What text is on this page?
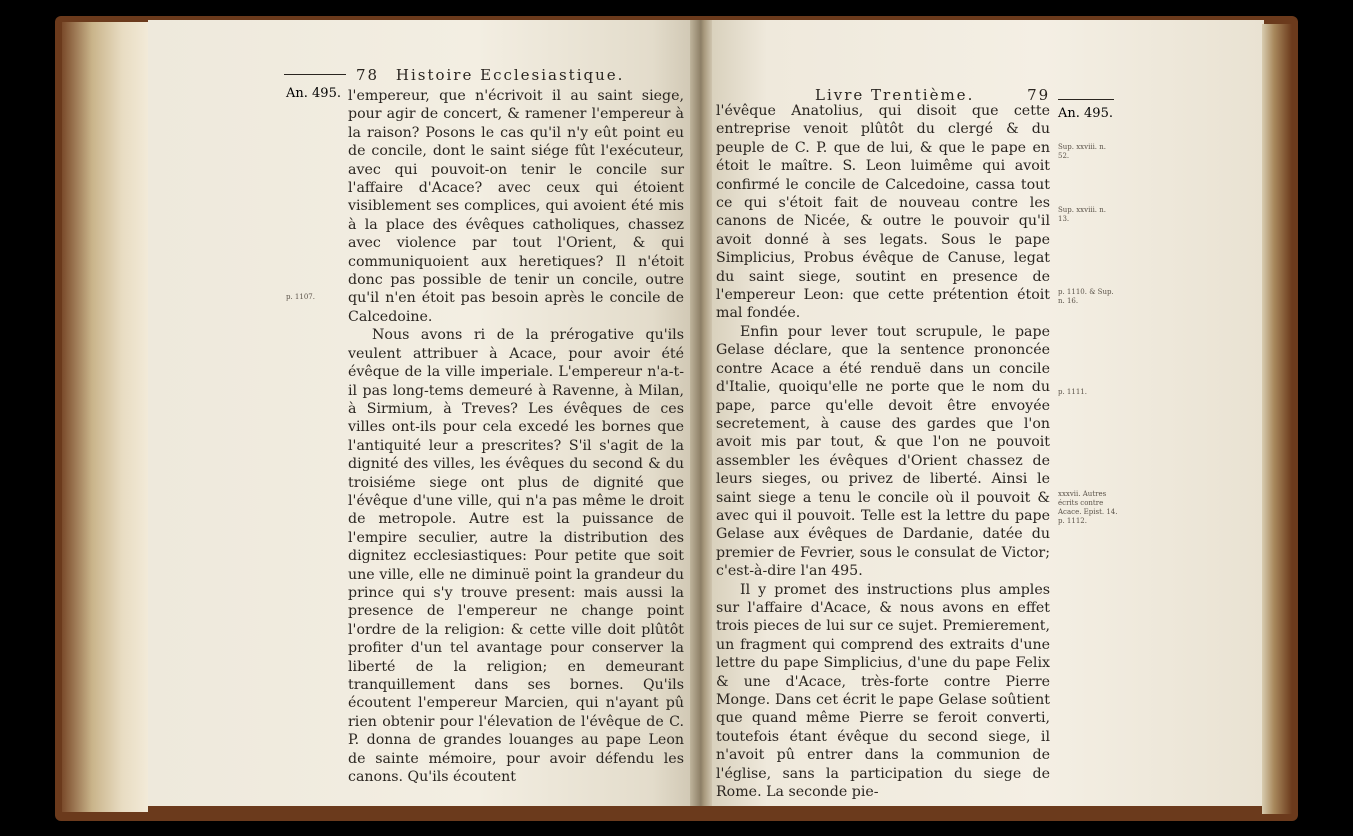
78 Histoire Ecclesiastique.
An. 495.
p. 1107.

l'empereur, que n'écrivoit il au saint siege, pour agir de concert, & ramener l'empereur à la raison? Posons le cas qu'il n'y eût point eu de concile, dont le saint siége fût l'exécuteur, avec qui pouvoit-on tenir le concile sur l'affaire d'Acace? avec ceux qui étoient visiblement ses complices, qui avoient été mis à la place des évêques catholiques, chassez avec violence par tout l'Orient, & qui communiquoient aux heretiques? Il n'étoit donc pas possible de tenir un concile, outre qu'il n'en étoit pas besoin après le concile de Calcedoine.

Nous avons ri de la prérogative qu'ils veulent attribuer à Acace, pour avoir été évêque de la ville imperiale. L'empereur n'a-t-il pas long-tems demeuré à Ravenne, à Milan, à Sirmium, à Treves? Les évêques de ces villes ont-ils pour cela excedé les bornes que l'antiquité leur a prescrites? S'il s'agit de la dignité des villes, les évêques du second & du troisiéme siege ont plus de dignité que l'évêque d'une ville, qui n'a pas même le droit de metropole. Autre est la puissance de l'empire seculier, autre la distribution des dignitez ecclesiastiques: Pour petite que soit une ville, elle ne diminuë point la grandeur du prince qui s'y trouve present: mais aussi la presence de l'empereur ne change point l'ordre de la religion: & cette ville doit plûtôt profiter d'un tel avantage pour conserver la liberté de la religion; en demeurant tranquillement dans ses bornes. Qu'ils écoutent l'empereur Marcien, qui n'ayant pû rien obtenir pour l'élevation de l'évêque de C. P. donna de grandes louanges au pape Leon de sainte mémoire, pour avoir défendu les canons. Qu'ils écoutent

Livre Trentième.	79
An. 495.
Sup. xxviii. n. 52.
Sup. xxviii. n. 13.
p. 1110. & Sup. n. 16.
p. 1111.
xxxvii. Autres écrits contre Acace. Epist. 14. p. 1112.

l'évêque Anatolius, qui disoit que cette entreprise venoit plûtôt du clergé & du peuple de C. P. que de lui, & que le pape en étoit le maître. S. Leon luimême qui avoit confirmé le concile de Calcedoine, cassa tout ce qui s'étoit fait de nouveau contre les canons de Nicée, & outre le pouvoir qu'il avoit donné à ses legats. Sous le pape Simplicius, Probus évêque de Canuse, legat du saint siege, soutint en presence de l'empereur Leon: que cette prétention étoit mal fondée.

Enfin pour lever tout scrupule, le pape Gelase déclare, que la sentence prononcée contre Acace a été renduë dans un concile d'Italie, quoiqu'elle ne porte que le nom du pape, parce qu'elle devoit être envoyée secretement, à cause des gardes que l'on avoit mis par tout, & que l'on ne pouvoit assembler les évêques d'Orient chassez de leurs sieges, ou privez de liberté. Ainsi le saint siege a tenu le concile où il pouvoit & avec qui il pouvoit. Telle est la lettre du pape Gelase aux évêques de Dardanie, datée du premier de Fevrier, sous le consulat de Victor; c'est-à-dire l'an 495.

Il y promet des instructions plus amples sur l'affaire d'Acace, & nous avons en effet trois pieces de lui sur ce sujet. Premierement, un fragment qui comprend des extraits d'une lettre du pape Simplicius, d'une du pape Felix & une d'Acace, très-forte contre Pierre Monge. Dans cet écrit le pape Gelase soûtient que quand même Pierre se feroit converti, toutefois étant évêque du second siege, il n'avoit pû entrer dans la communion de l'église, sans la participation du siege de Rome. La seconde pie-
